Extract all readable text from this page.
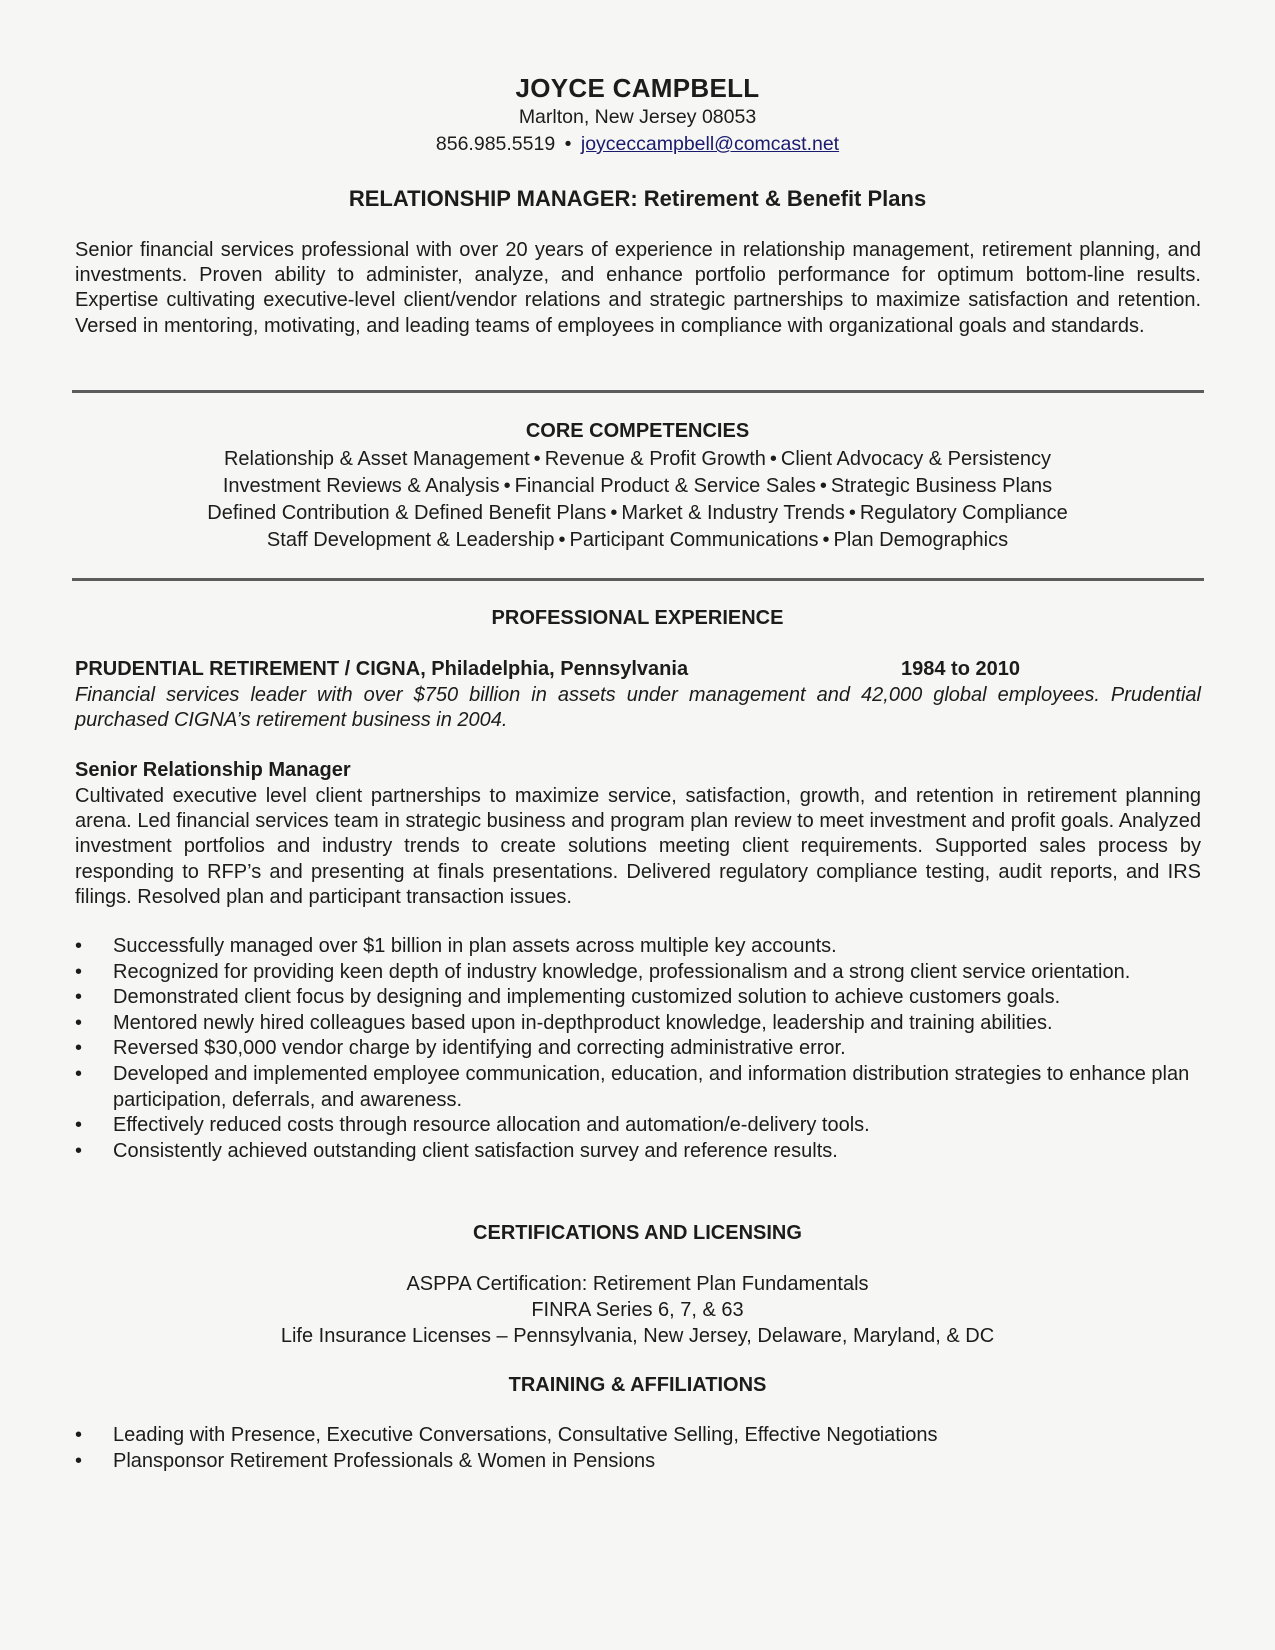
JOYCE CAMPBELL
Marlton, New Jersey 08053
856.985.5519 • joyceccampbell@comcast.net
RELATIONSHIP MANAGER: Retirement & Benefit Plans
Senior financial services professional with over 20 years of experience in relationship management, retirement planning, and investments. Proven ability to administer, analyze, and enhance portfolio performance for optimum bottom-line results. Expertise cultivating executive-level client/vendor relations and strategic partnerships to maximize satisfaction and retention. Versed in mentoring, motivating, and leading teams of employees in compliance with organizational goals and standards.
CORE COMPETENCIES
Relationship & Asset Management • Revenue & Profit Growth • Client Advocacy & Persistency
Investment Reviews & Analysis • Financial Product & Service Sales • Strategic Business Plans
Defined Contribution & Defined Benefit Plans • Market & Industry Trends • Regulatory Compliance
Staff Development & Leadership • Participant Communications • Plan Demographics
PROFESSIONAL EXPERIENCE
PRUDENTIAL RETIREMENT / CIGNA, Philadelphia, Pennsylvania	1984 to 2010
Financial services leader with over $750 billion in assets under management and 42,000 global employees. Prudential purchased CIGNA’s retirement business in 2004.
Senior Relationship Manager
Cultivated executive level client partnerships to maximize service, satisfaction, growth, and retention in retirement planning arena. Led financial services team in strategic business and program plan review to meet investment and profit goals. Analyzed investment portfolios and industry trends to create solutions meeting client requirements. Supported sales process by responding to RFP’s and presenting at finals presentations. Delivered regulatory compliance testing, audit reports, and IRS filings. Resolved plan and participant transaction issues.
•	Successfully managed over $1 billion in plan assets across multiple key accounts.
•	Recognized for providing keen depth of industry knowledge, professionalism and a strong client service orientation.
•	Demonstrated client focus by designing and implementing customized solution to achieve customers goals.
•	Mentored newly hired colleagues based upon in-depthproduct knowledge, leadership and training abilities.
•	Reversed $30,000 vendor charge by identifying and correcting administrative error.
•	Developed and implemented employee communication, education, and information distribution strategies to enhance plan participation, deferrals, and awareness.
•	Effectively reduced costs through resource allocation and automation/e-delivery tools.
•	Consistently achieved outstanding client satisfaction survey and reference results.
CERTIFICATIONS AND LICENSING
ASPPA Certification: Retirement Plan Fundamentals
FINRA Series 6, 7, & 63
Life Insurance Licenses – Pennsylvania, New Jersey, Delaware, Maryland, & DC
TRAINING & AFFILIATIONS
•	Leading with Presence, Executive Conversations, Consultative Selling, Effective Negotiations
•	Plansponsor Retirement Professionals & Women in Pensions
